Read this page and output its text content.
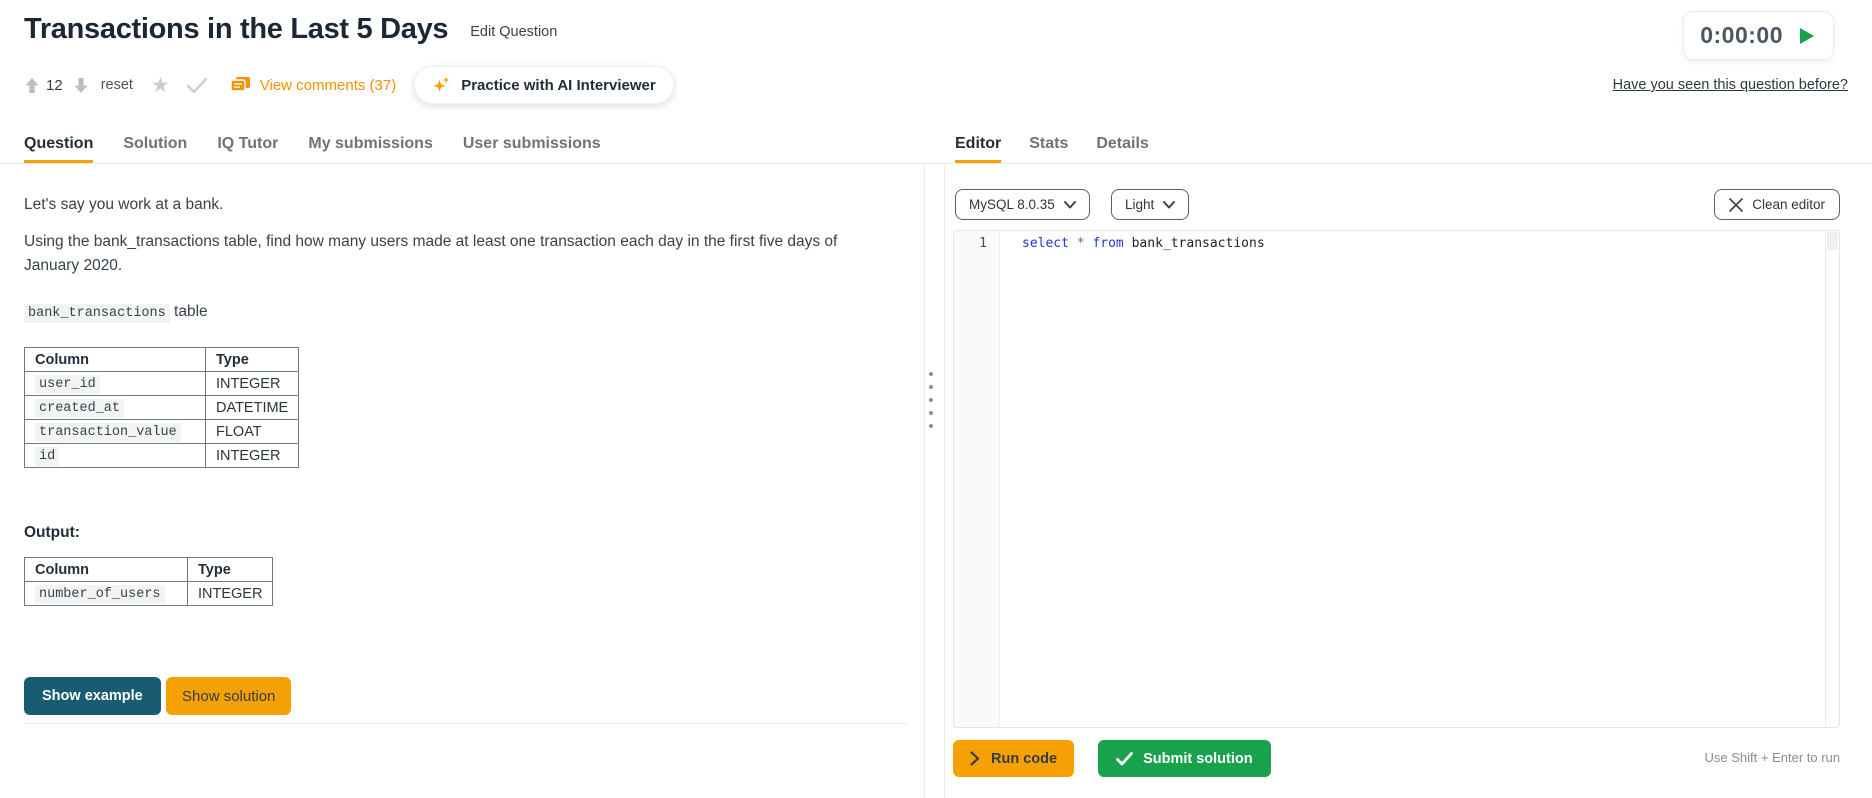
Transactions in the Last 5 Days Edit Question	0:00:00
Have you seen this question before?
12	reset ★	View comments (37)	Practice with AI Interviewer
Question Solution IQ Tutor My submissions User submissions	Editor Stats Details
Let's say you work at a bank.
Using the bank_transactions table, find how many users made at least one transaction each day in the first five days of January 2020.
bank_transactions table
Column	Type
user_id	INTEGER
created_at	DATETIME
transaction_value	FLOAT
id	INTEGER
Output:
Column	Type
number_of_users	INTEGER
Show example	Show solution
MySQL 8.0.35	Light	Clean editor
1	select * from bank_transactions
Run code	Submit solution	Use Shift + Enter to run
